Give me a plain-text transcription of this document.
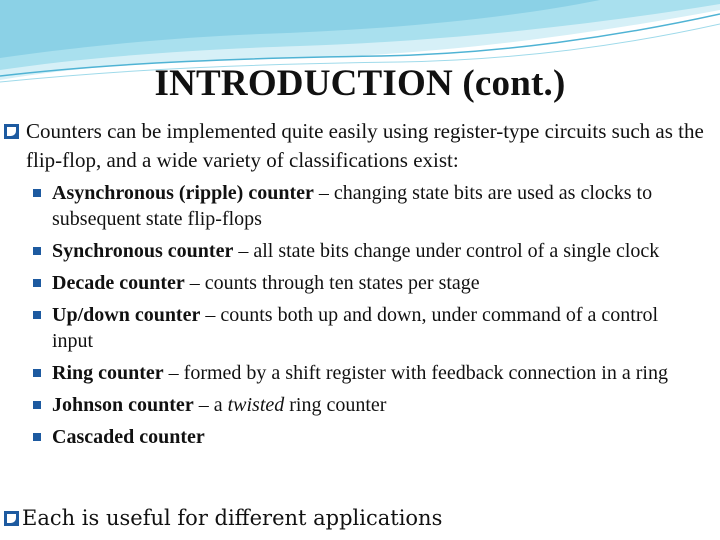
INTRODUCTION (cont.)
Counters can be implemented quite easily using register-type circuits such as the flip-flop, and a wide variety of classifications exist:
Asynchronous (ripple) counter – changing state bits are used as clocks to subsequent state flip-flops
Synchronous counter – all state bits change under control of a single clock
Decade counter – counts through ten states per stage
Up/down counter – counts both up and down, under command of a control input
Ring counter – formed by a shift register with feedback connection in a ring
Johnson counter – a twisted ring counter
Cascaded counter
Each is useful for different applications
